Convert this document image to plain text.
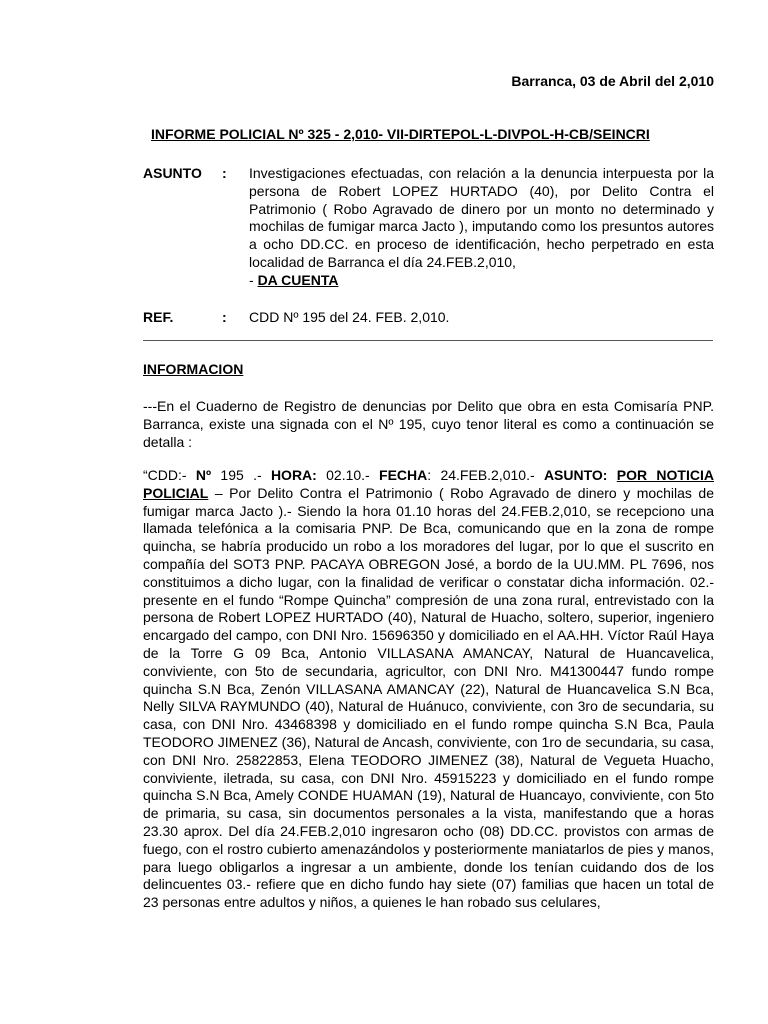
Barranca, 03 de Abril del 2,010
INFORME POLICIAL Nº 325 - 2,010- VII-DIRTEPOL-L-DIVPOL-H-CB/SEINCRI
ASUNTO : Investigaciones efectuadas, con relación a la denuncia interpuesta por la persona de Robert LOPEZ HURTADO (40), por Delito Contra el Patrimonio ( Robo Agravado de dinero por un monto no determinado y mochilas de fumigar marca Jacto ), imputando como los presuntos autores a ocho DD.CC. en proceso de identificación, hecho perpetrado en esta localidad de Barranca el día 24.FEB.2,010,
- DA CUENTA
REF.	: CDD Nº 195 del 24. FEB. 2,010.
INFORMACION
---En el Cuaderno de Registro de denuncias por Delito que obra en esta Comisaría PNP. Barranca, existe una signada con el Nº 195, cuyo tenor literal es como a continuación se detalla :
“CDD:- Nº 195 .- HORA: 02.10.- FECHA: 24.FEB.2,010.- ASUNTO: POR NOTICIA POLICIAL – Por Delito Contra el Patrimonio ( Robo Agravado de dinero y mochilas de fumigar marca Jacto ).- Siendo la hora 01.10 horas del 24.FEB.2,010, se recepciono una llamada telefónica a la comisaria PNP. De Bca, comunicando que en la zona de rompe quincha, se habría producido un robo a los moradores del lugar, por lo que el suscrito en compañía del SOT3 PNP. PACAYA OBREGON José, a bordo de la UU.MM. PL 7696, nos constituimos a dicho lugar, con la finalidad de verificar o constatar dicha información. 02.- presente en el fundo “Rompe Quincha” compresión de una zona rural, entrevistado con la persona de Robert LOPEZ HURTADO (40), Natural de Huacho, soltero, superior, ingeniero encargado del campo, con DNI Nro. 15696350 y domiciliado en el AA.HH. Víctor Raúl Haya de la Torre G 09 Bca, Antonio VILLASANA AMANCAY, Natural de Huancavelica, conviviente, con 5to de secundaria, agricultor, con DNI Nro. M41300447 fundo rompe quincha S.N Bca, Zenón VILLASANA AMANCAY (22), Natural de Huancavelica S.N Bca, Nelly SILVA RAYMUNDO (40), Natural de Huánuco, conviviente, con 3ro de secundaria, su casa, con DNI Nro. 43468398 y domiciliado en el fundo rompe quincha S.N Bca, Paula TEODORO JIMENEZ (36), Natural de Ancash, conviviente, con 1ro de secundaria, su casa, con DNI Nro. 25822853, Elena TEODORO JIMENEZ (38), Natural de Vegueta Huacho, conviviente, iletrada, su casa, con DNI Nro. 45915223 y domiciliado en el fundo rompe quincha S.N Bca, Amely CONDE HUAMAN (19), Natural de Huancayo, conviviente, con 5to de primaria, su casa, sin documentos personales a la vista, manifestando que a horas 23.30 aprox. Del día 24.FEB.2,010 ingresaron ocho (08) DD.CC. provistos con armas de fuego, con el rostro cubierto amenazándolos y posteriormente maniatarlos de pies y manos, para luego obligarlos a ingresar a un ambiente, donde los tenían cuidando dos de los delincuentes 03.- refiere que en dicho fundo hay siete (07) familias que hacen un total de 23 personas entre adultos y niños, a quienes le han robado sus celulares,
